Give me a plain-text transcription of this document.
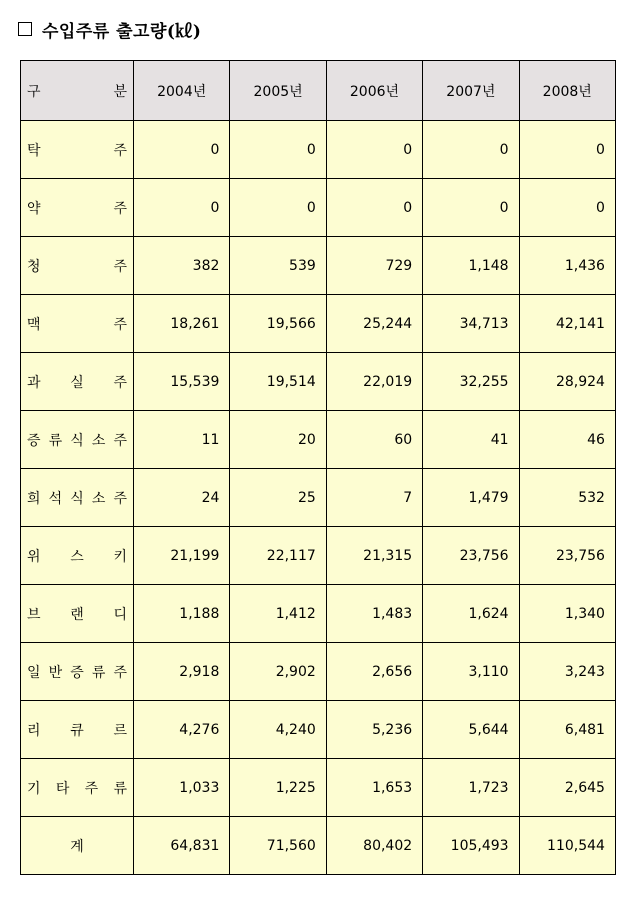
수입주류 출고량(㎘)
구 분	2004년	2005년	2006년	2007년	2008년

탁 주	0	0	0	0	0

약 주	0	0	0	0	0

청 주	382	539	729	1,148	1,436

맥 주	18,261	19,566	25,244	34,713	42,141

과 실 주	15,539	19,514	22,019	32,255	28,924

증 류 식 소 주	11	20	60	41	46

희 석 식 소 주	24	25	7	1,479	532

위 스 키	21,199	22,117	21,315	23,756	23,756

브 랜 디	1,188	1,412	1,483	1,624	1,340

일 반 증 류 주	2,918	2,902	2,656	3,110	3,243

리 큐 르	4,276	4,240	5,236	5,644	6,481

기 타 주 류	1,033	1,225	1,653	1,723	2,645
계	64,831	71,560	80,402	105,493	110,544
